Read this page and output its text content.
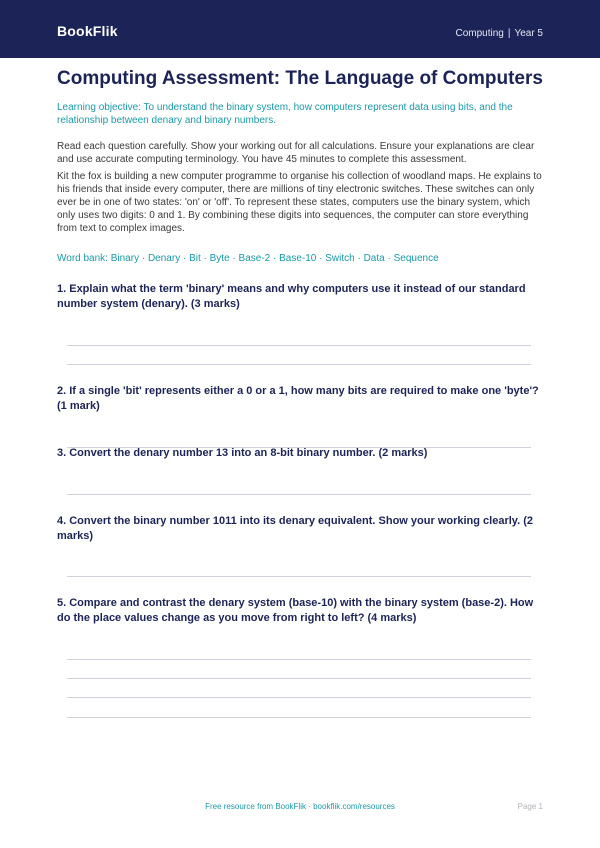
BookFlik	Computing | Year 5
Computing Assessment: The Language of Computers
Learning objective: To understand the binary system, how computers represent data using bits, and the relationship between denary and binary numbers.
Read each question carefully. Show your working out for all calculations. Ensure your explanations are clear and use accurate computing terminology. You have 45 minutes to complete this assessment.
Kit the fox is building a new computer programme to organise his collection of woodland maps. He explains to his friends that inside every computer, there are millions of tiny electronic switches. These switches can only ever be in one of two states: 'on' or 'off'. To represent these states, computers use the binary system, which only uses two digits: 0 and 1. By combining these digits into sequences, the computer can store everything from text to complex images.
Word bank: Binary · Denary · Bit · Byte · Base-2 · Base-10 · Switch · Data · Sequence
1. Explain what the term 'binary' means and why computers use it instead of our standard number system (denary). (3 marks)
2. If a single 'bit' represents either a 0 or a 1, how many bits are required to make one 'byte'? (1 mark)
3. Convert the denary number 13 into an 8-bit binary number. (2 marks)
4. Convert the binary number 1011 into its denary equivalent. Show your working clearly. (2 marks)
5. Compare and contrast the denary system (base-10) with the binary system (base-2). How do the place values change as you move from right to left? (4 marks)
Free resource from BookFlik · bookflik.com/resources	Page 1
